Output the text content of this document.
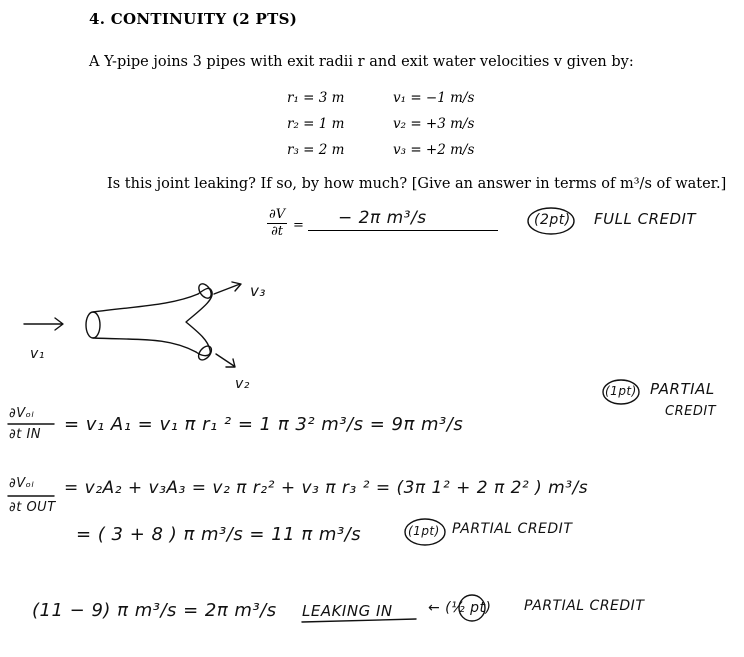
4. CONTINUITY (2 PTS)
A Y-pipe joins 3 pipes with exit radii r and exit water velocities v given by:
r₁ = 3 m	v₁ = −1 m/s
r₂ = 1 m	v₂ = +3 m/s
r₃ = 2 m	v₃ = +2 m/s
Is this joint leaking? If so, by how much? [Give an answer in terms of m³/s of water.]
$\frac{\partial V}{\partial t}$ = − 2π m³/s	(2pt) FULL CREDIT
v₃
v₁
v₂	(1pt) PARTIAL
CREDIT
∂Vₒₗ
∂t IN = v₁ A₁ = v₁ π r₁ ² = 1 π 3² m³/s = 9π m³/s
∂Vₒₗ
∂t OUT
= v₂A₂ + v₃A₃ = v₂ π r₂² + v₃ π r₃ ² = (3π 1² + 2 π 2² ) m³/s
= ( 3 + 8 ) π m³/s = 11 π m³/s	(1pt) PARTIAL CREDIT
(11 − 9) π m³/s = 2π m³/s LEAKING IN	← (½ pt) PARTIAL CREDIT
